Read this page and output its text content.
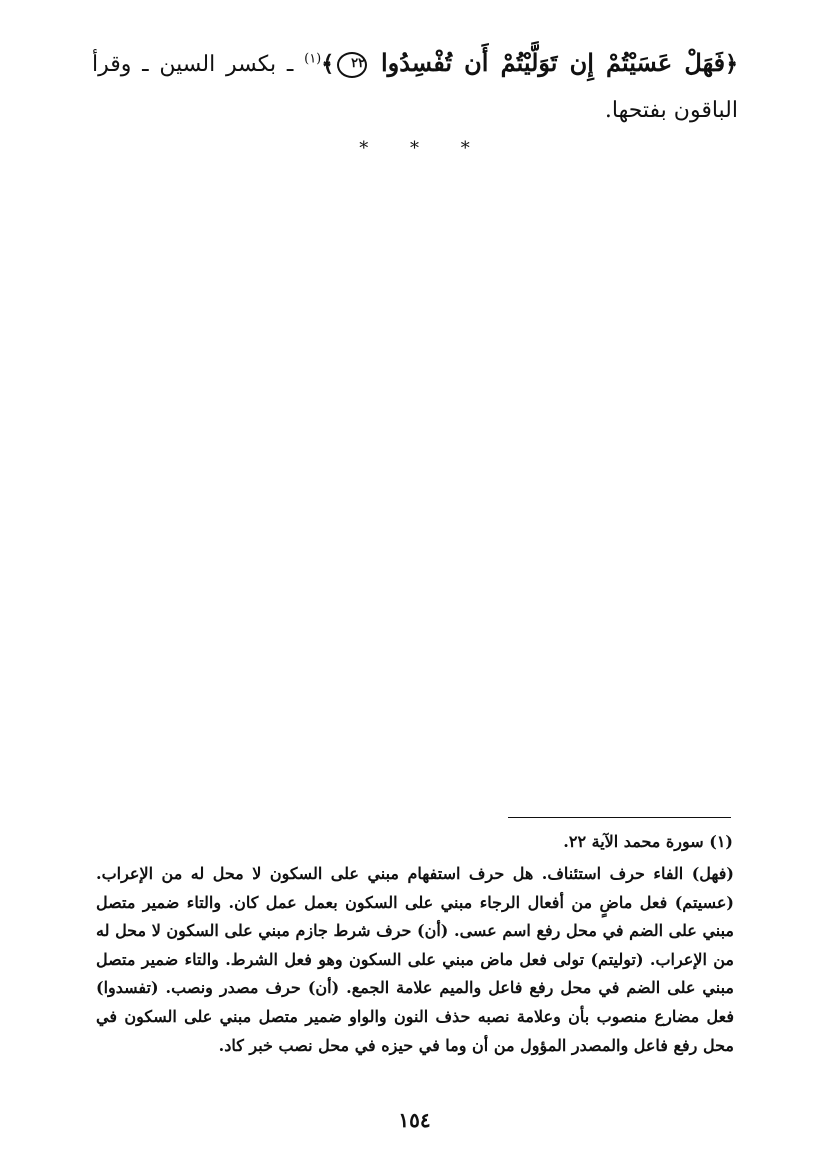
﴿فَهَلْ عَسَيْتُمْ إِن تَوَلَّيْتُمْ أَن تُفْسِدُوا ٢٢﴾$^{(١)}$ ـ بكسر السين ـ وقرأ الباقون بفتحها.
* * *
(١) سورة محمد الآية ٢٢.

(فهل) الفاء حرف استئناف. هل حرف استفهام مبني على السكون لا محل له من الإعراب. (عسيتم) فعل ماضٍ من أفعال الرجاء مبني على السكون بعمل عمل كان. والتاء ضمير متصل مبني على الضم في محل رفع اسم عسى. (أن) حرف شرط جازم مبني على السكون لا محل له من الإعراب. (توليتم) تولى فعل ماض مبني على السكون وهو فعل الشرط. والتاء ضمير متصل مبني على الضم في محل رفع فاعل والميم علامة الجمع. (أن) حرف مصدر ونصب. (تفسدوا) فعل مضارع منصوب بأن وعلامة نصبه حذف النون والواو ضمير متصل مبني على السكون في محل رفع فاعل والمصدر المؤول من أن وما في حيزه في محل نصب خبر كاد.

١٥٤
